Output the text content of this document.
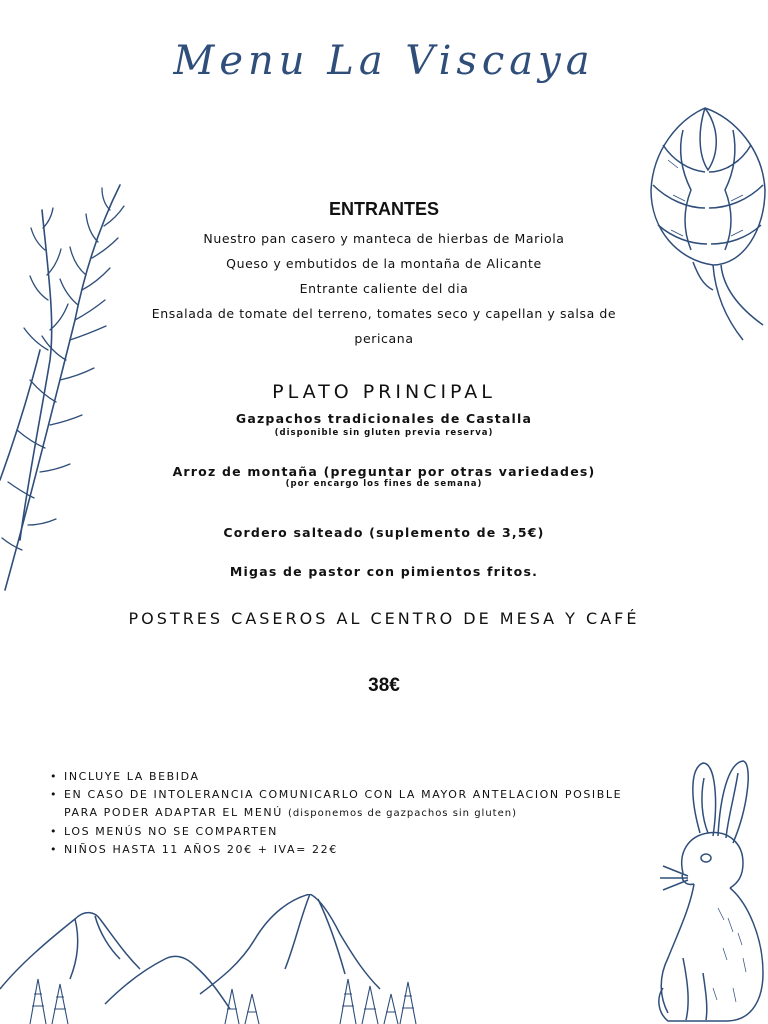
Menu La Viscaya
ENTRANTES
Nuestro pan casero y manteca de hierbas de Mariola
Queso y embutidos de la montaña de Alicante
Entrante caliente del dia
Ensalada de tomate del terreno, tomates seco y capellan y salsa de pericana
PLATO PRINCIPAL
Gazpachos tradicionales de Castalla
(disponible sin gluten previa reserva)
Arroz de montaña (preguntar por otras variedades)
(por encargo los fines de semana)
Cordero salteado (suplemento de 3,5€)
Migas de pastor con pimientos fritos.
POSTRES CASEROS AL CENTRO DE MESA Y CAFÉ
38€
• INCLUYE LA BEBIDA
• EN CASO DE INTOLERANCIA COMUNICARLO CON LA MAYOR ANTELACION POSIBLE PARA PODER ADAPTAR EL MENÚ (disponemos de gazpachos sin gluten)
• LOS MENÚS NO SE COMPARTEN
• NIÑOS HASTA 11 AÑOS 20€ + IVA= 22€
